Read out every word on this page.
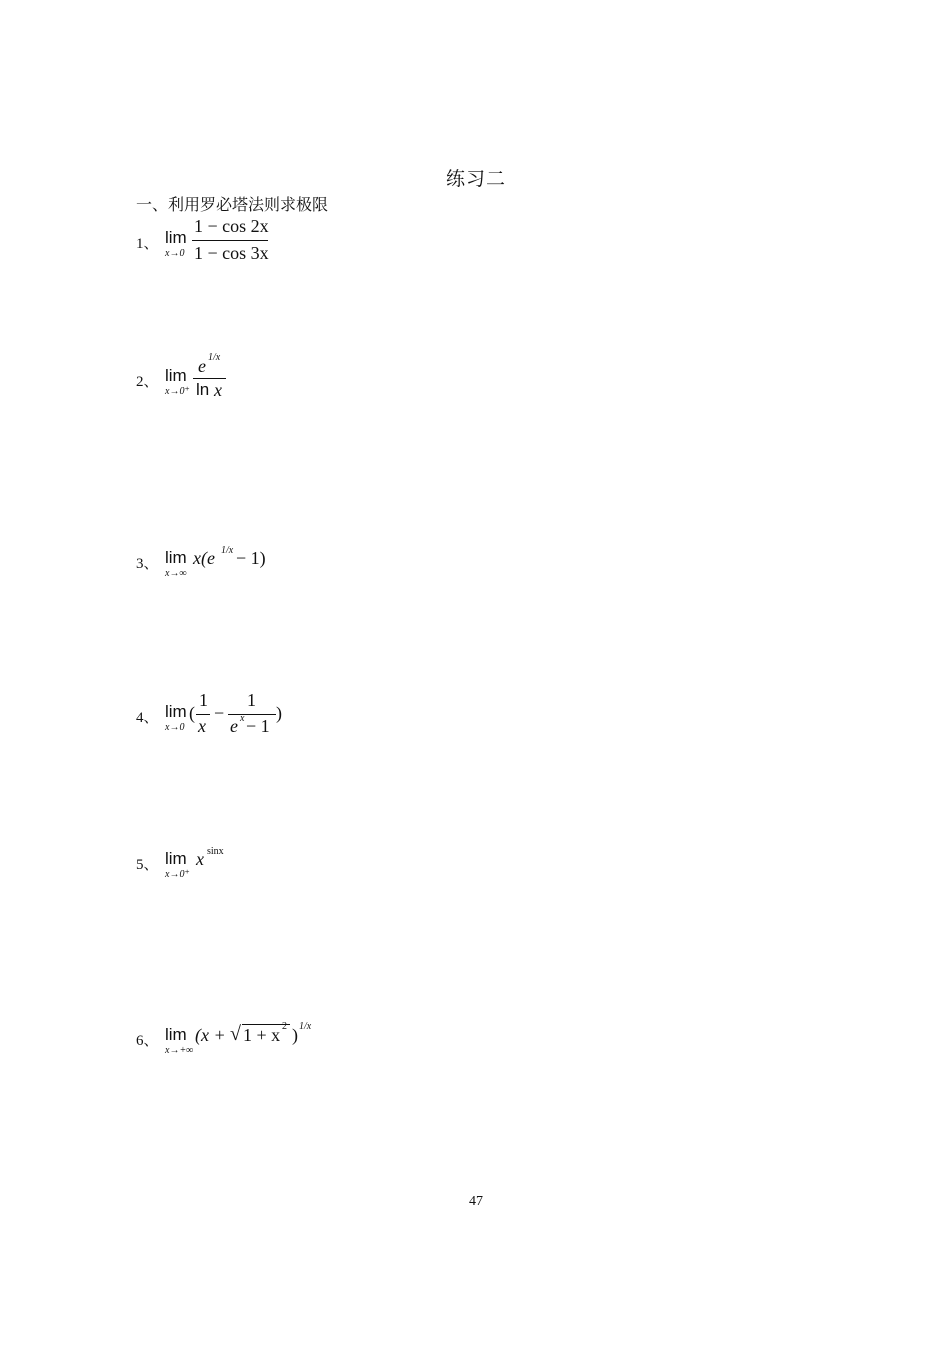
练习二
一、利用罗必塔法则求极限
1、 lim
x→0
1 − cos 2x
1 − cos 3x
2、 lim
x→0⁺
e 1/x
ln x
3、 lim
x→∞
x(e 1/x − 1)
4、 lim
x→0
(
1
x
−
1
e x − 1
)
5、 lim
x→0⁺
x sinx
6、 lim
x→+∞
(x + √ 1 + x 2 ) 1/x
47
